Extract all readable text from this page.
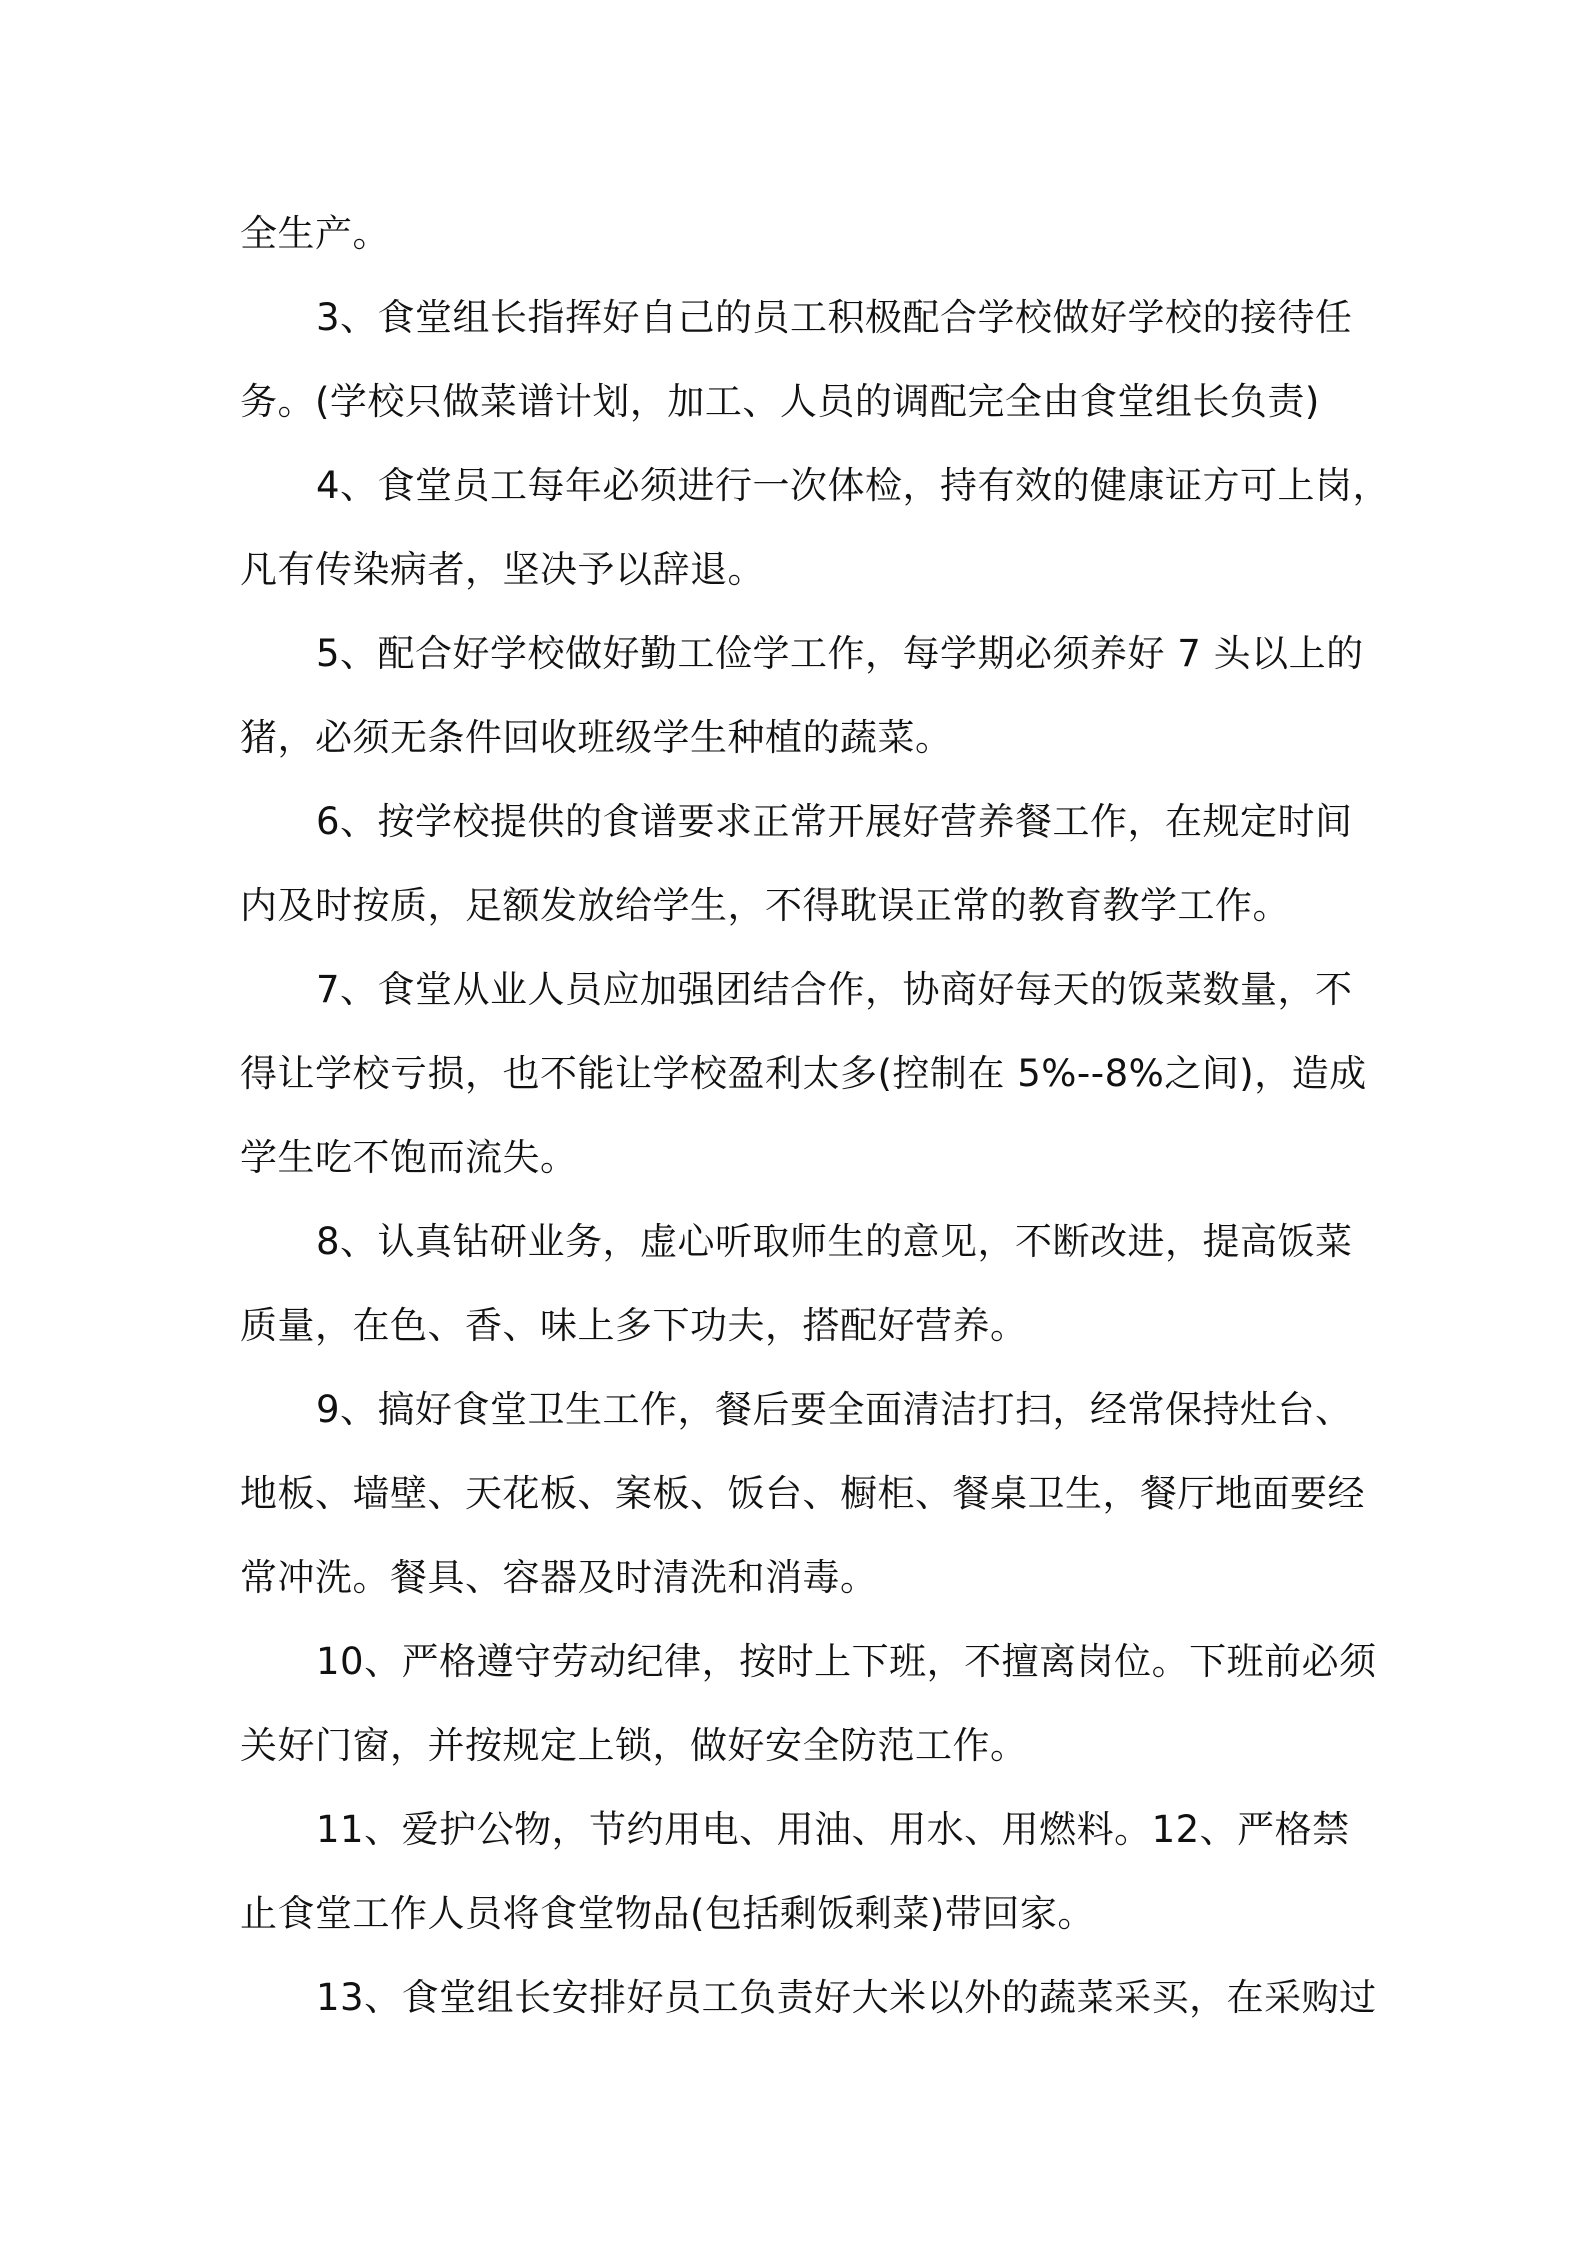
全生产。
3、食堂组长指挥好自己的员工积极配合学校做好学校的接待任
务。(学校只做菜谱计划，加工、人员的调配完全由食堂组长负责)
4、食堂员工每年必须进行一次体检，持有效的健康证方可上岗，
凡有传染病者，坚决予以辞退。
5、配合好学校做好勤工俭学工作，每学期必须养好 7 头以上的
猪，必须无条件回收班级学生种植的蔬菜。
6、按学校提供的食谱要求正常开展好营养餐工作，在规定时间
内及时按质，足额发放给学生，不得耽误正常的教育教学工作。
7、食堂从业人员应加强团结合作，协商好每天的饭菜数量，不
得让学校亏损，也不能让学校盈利太多(控制在 5%--8%之间)，造成
学生吃不饱而流失。
8、认真钻研业务，虚心听取师生的意见，不断改进，提高饭菜
质量，在色、香、味上多下功夫，搭配好营养。
9、搞好食堂卫生工作，餐后要全面清洁打扫，经常保持灶台、
地板、墙壁、天花板、案板、饭台、橱柜、餐桌卫生，餐厅地面要经
常冲洗。餐具、容器及时清洗和消毒。
10、严格遵守劳动纪律，按时上下班，不擅离岗位。下班前必须
关好门窗，并按规定上锁，做好安全防范工作。
11、爱护公物，节约用电、用油、用水、用燃料。12、严格禁
止食堂工作人员将食堂物品(包括剩饭剩菜)带回家。
13、食堂组长安排好员工负责好大米以外的蔬菜采买，在采购过
